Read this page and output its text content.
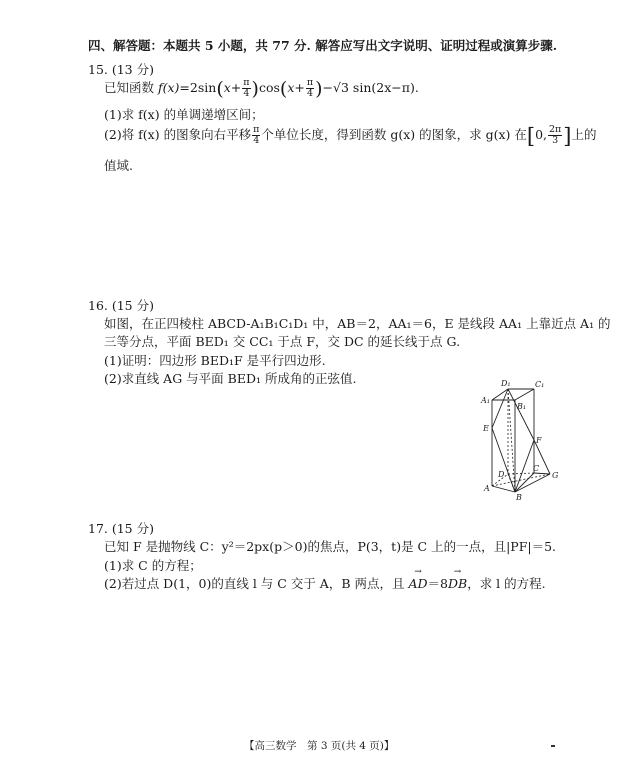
四、解答题：本题共 5 小题，共 77 分. 解答应写出文字说明、证明过程或演算步骤.
15. (13 分)
已知函数 $f(x)=2\sin(x+ \frac{\pi}{4} )\cos(x+ \frac{\pi}{4} )-√3$ sin(2x−π).
(1)求 f(x) 的单调递增区间；
(2)将 f(x) 的图象向右平移 $\frac{\pi}{4}$ 个单位长度，得到函数 g(x) 的图象，求 g(x) 在[0, $\frac{2\pi}{3}$ ]上的
值域.
16. (15 分)
如图，在正四棱柱 ABCD-A₁B₁C₁D₁ 中，AB＝2，AA₁＝6，E 是线段 AA₁ 上靠近点 A₁ 的
三等分点，平面 BED₁ 交 CC₁ 于点 F，交 DC 的延长线于点 G.
(1)证明：四边形 BED₁F 是平行四边形.
(2)求直线 AG 与平面 BED₁ 所成角的正弦值.	D₁	C₁
A₁
B₁
E
F
D
C
A
B
G
17. (15 分)
已知 F 是抛物线 C：y²＝2px(p＞0)的焦点，P(3，t)是 C 上的一点，且|PF|＝5.
(1)求 C 的方程；
(2)若过点 D(1，0)的直线 l 与 C 交于 A，B 两点，且 → AD＝8→ DB，求 l 的方程.
【高三数学　第 3 页(共 4 页)】
